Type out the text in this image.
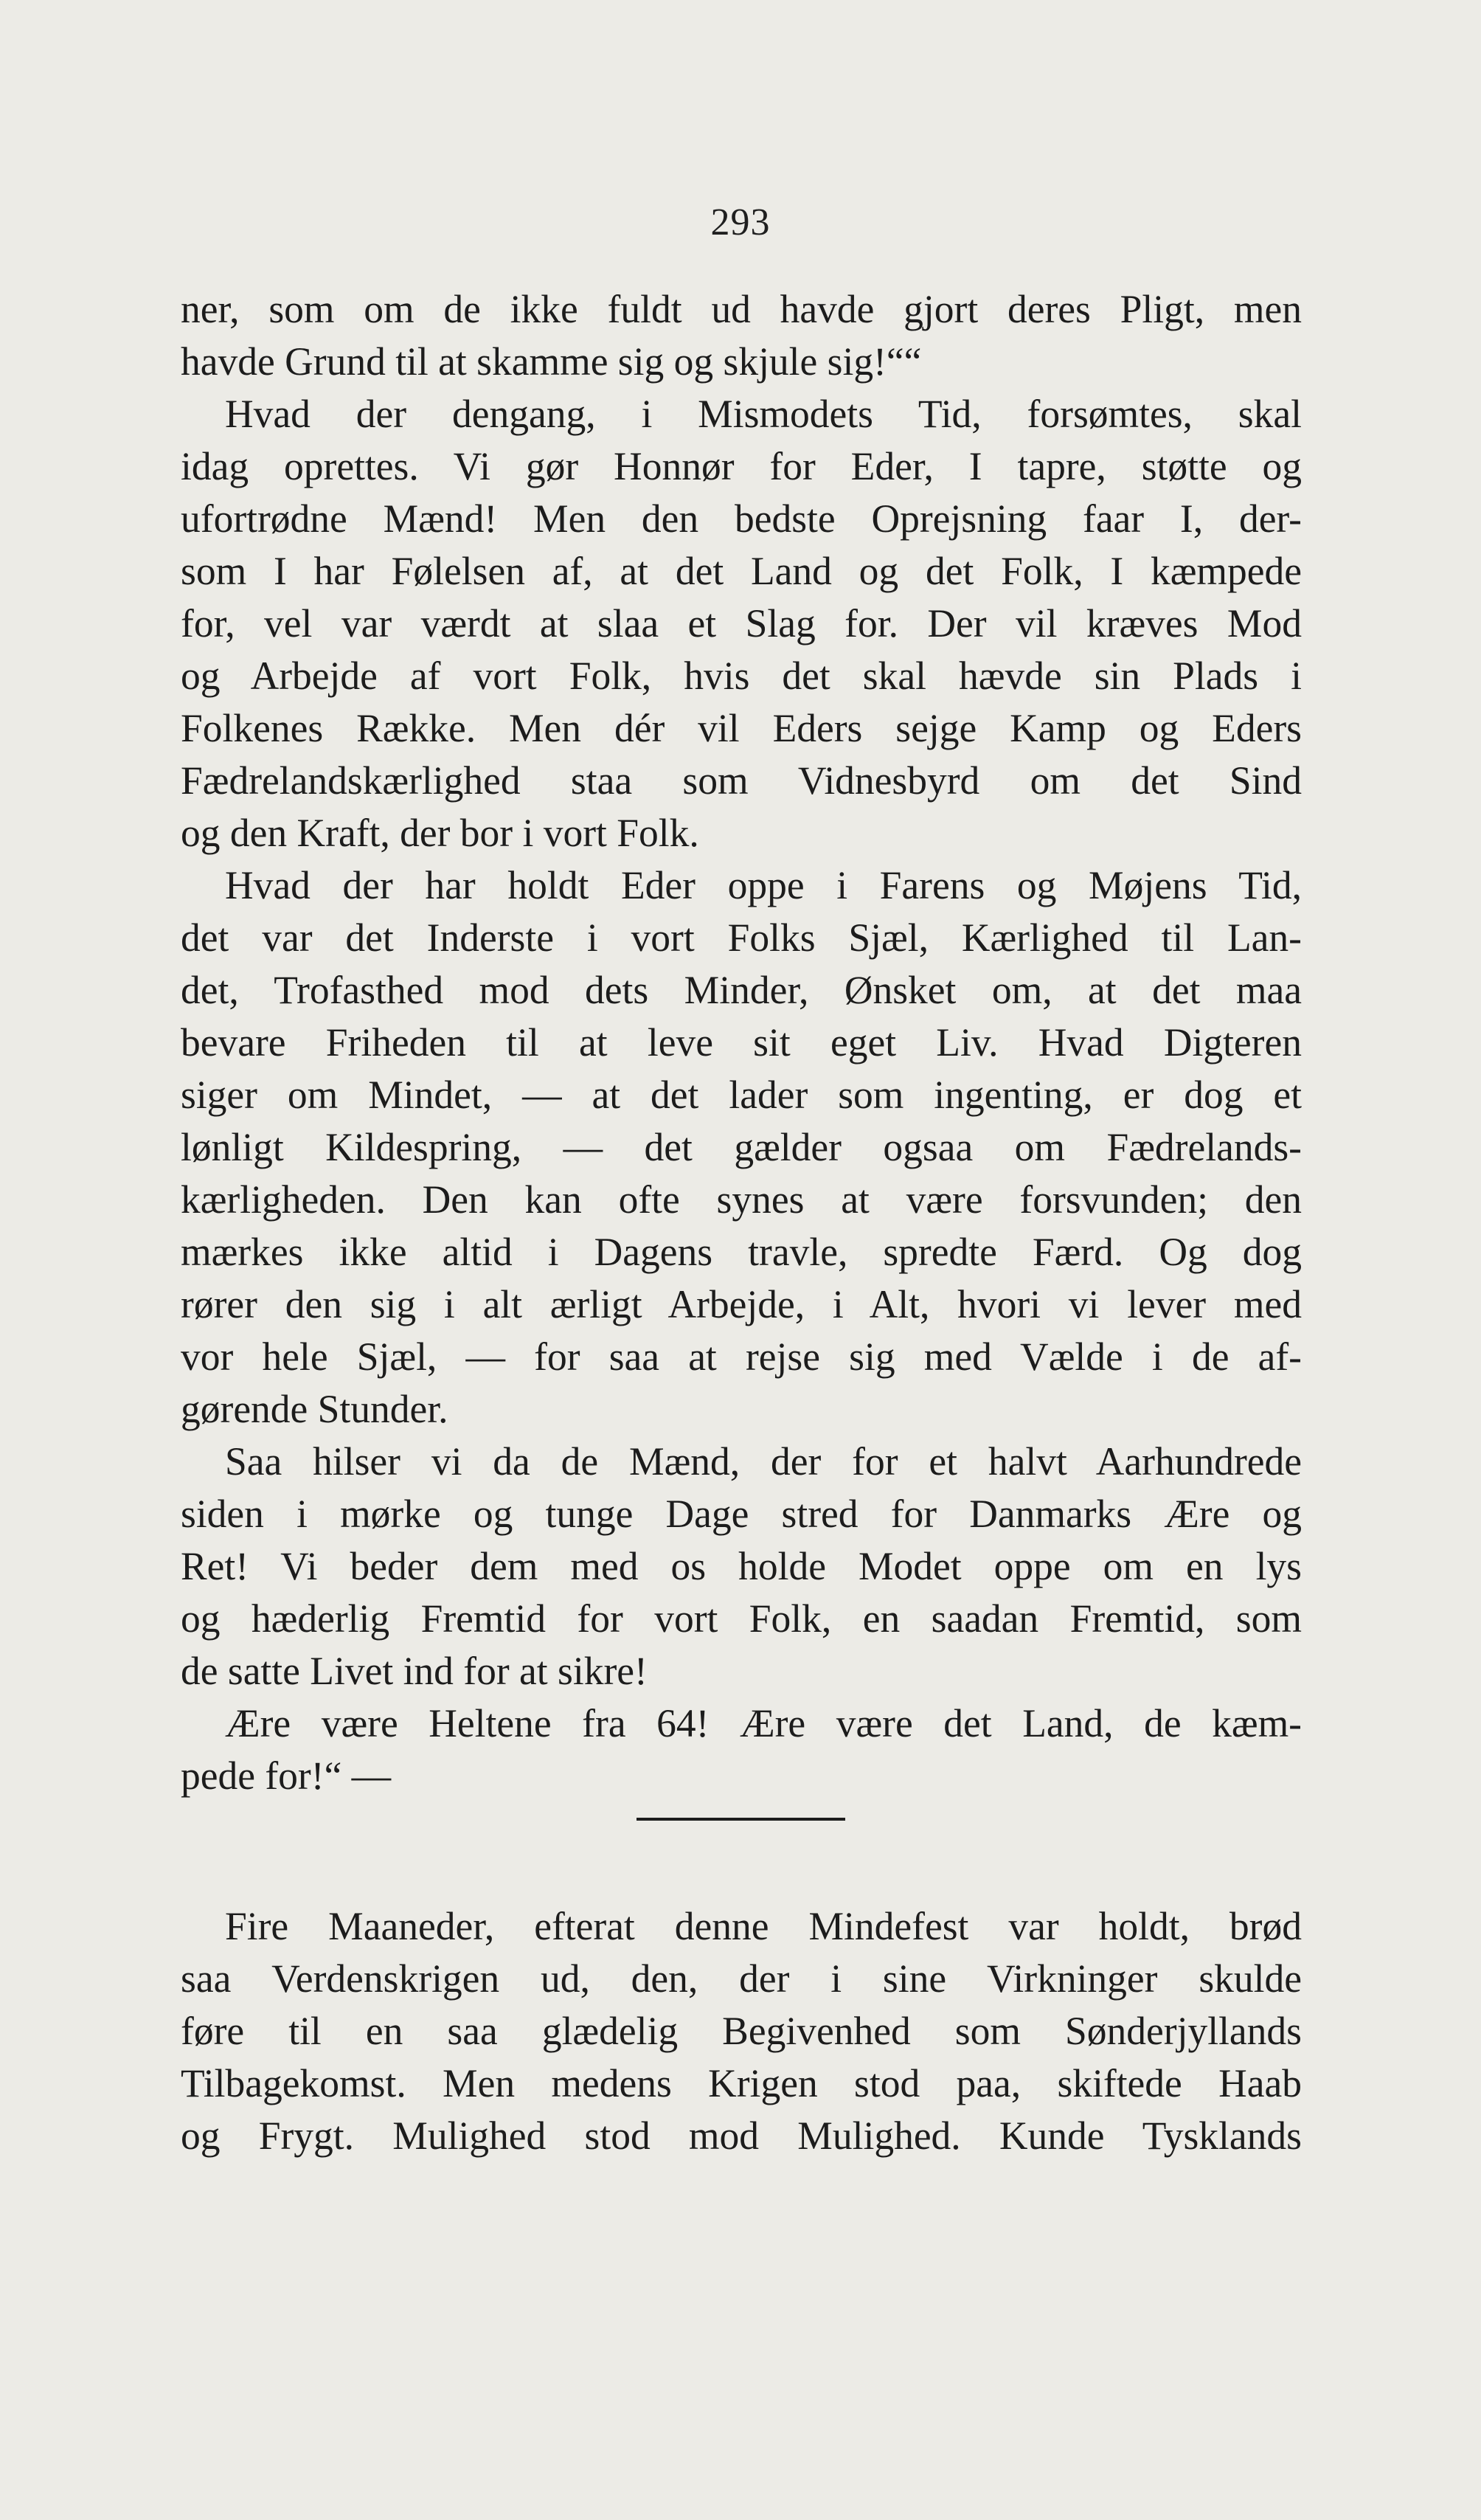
293
ner, som om de ikke fuldt ud havde gjort deres Pligt, men
havde Grund til at skamme sig og skjule sig!““
Hvad der dengang, i Mismodets Tid, forsømtes, skal
idag oprettes. Vi gør Honnør for Eder, I tapre, støtte og
ufortrødne Mænd! Men den bedste Oprejsning faar I, der-
som I har Følelsen af, at det Land og det Folk, I kæmpede
for, vel var værdt at slaa et Slag for. Der vil kræves Mod
og Arbejde af vort Folk, hvis det skal hævde sin Plads i
Folkenes Række. Men dér vil Eders sejge Kamp og Eders
Fædrelandskærlighed staa som Vidnesbyrd om det Sind
og den Kraft, der bor i vort Folk.
Hvad der har holdt Eder oppe i Farens og Møjens Tid,
det var det Inderste i vort Folks Sjæl, Kærlighed til Lan-
det, Trofasthed mod dets Minder, Ønsket om, at det maa
bevare Friheden til at leve sit eget Liv. Hvad Digteren
siger om Mindet, — at det lader som ingenting, er dog et
lønligt Kildespring, — det gælder ogsaa om Fædrelands-
kærligheden. Den kan ofte synes at være forsvunden; den
mærkes ikke altid i Dagens travle, spredte Færd. Og dog
rører den sig i alt ærligt Arbejde, i Alt, hvori vi lever med
vor hele Sjæl, — for saa at rejse sig med Vælde i de af-
gørende Stunder.
Saa hilser vi da de Mænd, der for et halvt Aarhundrede
siden i mørke og tunge Dage stred for Danmarks Ære og
Ret! Vi beder dem med os holde Modet oppe om en lys
og hæderlig Fremtid for vort Folk, en saadan Fremtid, som
de satte Livet ind for at sikre!
Ære være Heltene fra 64! Ære være det Land, de kæm-
pede for!“ —
Fire Maaneder, efterat denne Mindefest var holdt, brød
saa Verdenskrigen ud, den, der i sine Virkninger skulde
føre til en saa glædelig Begivenhed som Sønderjyllands
Tilbagekomst. Men medens Krigen stod paa, skiftede Haab
og Frygt. Mulighed stod mod Mulighed. Kunde Tysklands
